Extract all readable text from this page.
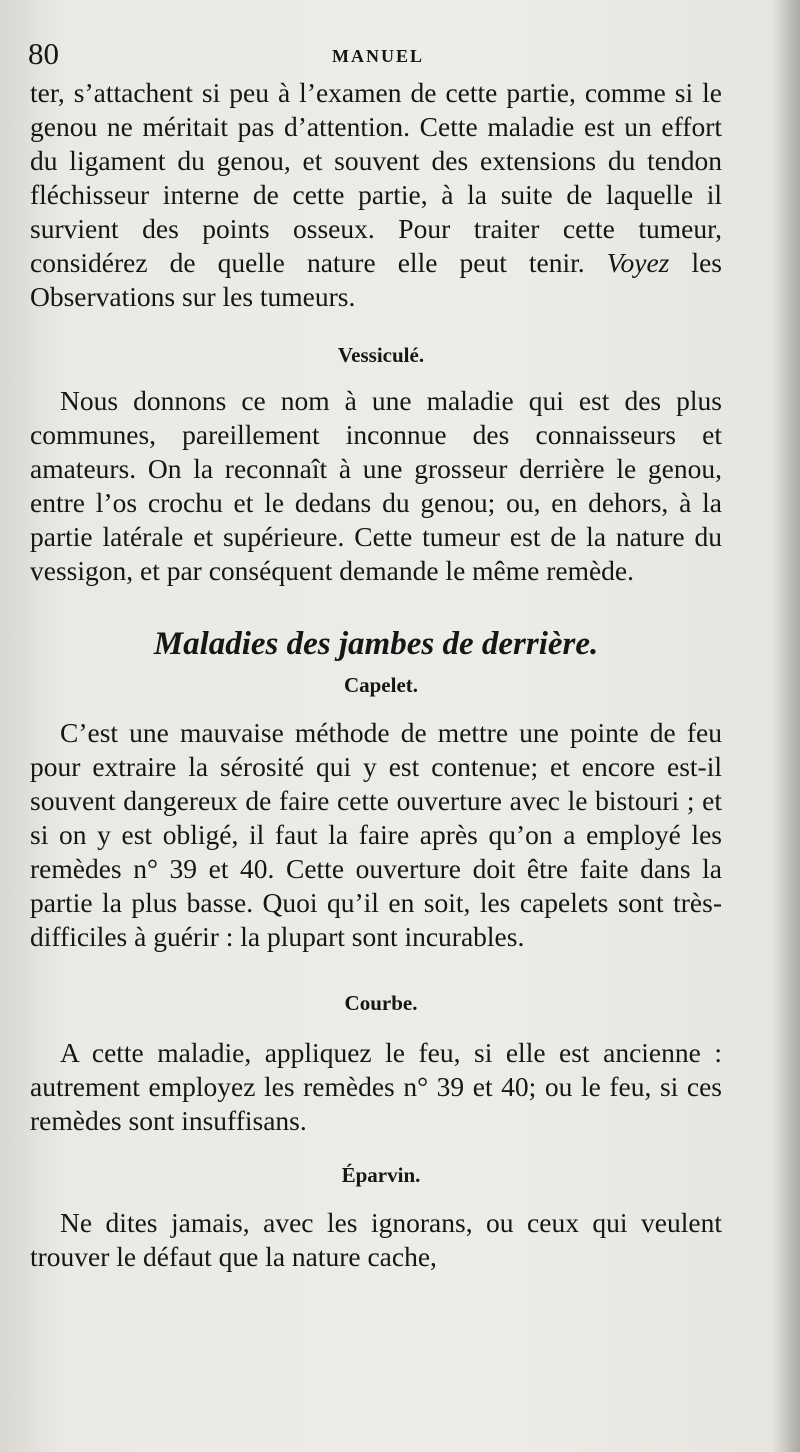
80	MANUEL

ter, s’attachent si peu à l’examen de cette partie, comme si le genou ne méritait pas d’attention. Cette maladie est un effort du ligament du genou, et souvent des extensions du tendon fléchisseur interne de cette partie, à la suite de laquelle il survient des points osseux. Pour traiter cette tumeur, considérez de quelle nature elle peut tenir. Voyez les Observations sur les tumeurs.

Vessiculé.

Nous donnons ce nom à une maladie qui est des plus communes, pareillement inconnue des connaisseurs et amateurs. On la reconnaît à une grosseur derrière le genou, entre l’os crochu et le dedans du genou; ou, en dehors, à la partie latérale et supérieure. Cette tumeur est de la nature du vessigon, et par conséquent demande le même remède.

Maladies des jambes de derrière.
Capelet.

C’est une mauvaise méthode de mettre une pointe de feu pour extraire la sérosité qui y est contenue; et encore est-il souvent dangereux de faire cette ouverture avec le bistouri ; et si on y est obligé, il faut la faire après qu’on a employé les remèdes n° 39 et 40. Cette ouverture doit être faite dans la partie la plus basse. Quoi qu’il en soit, les capelets sont très-difficiles à guérir : la plupart sont incurables.

Courbe.

A cette maladie, appliquez le feu, si elle est ancienne : autrement employez les remèdes n° 39 et 40; ou le feu, si ces remèdes sont insuffisans.

Éparvin.

Ne dites jamais, avec les ignorans, ou ceux qui veulent trouver le défaut que la nature cache,
